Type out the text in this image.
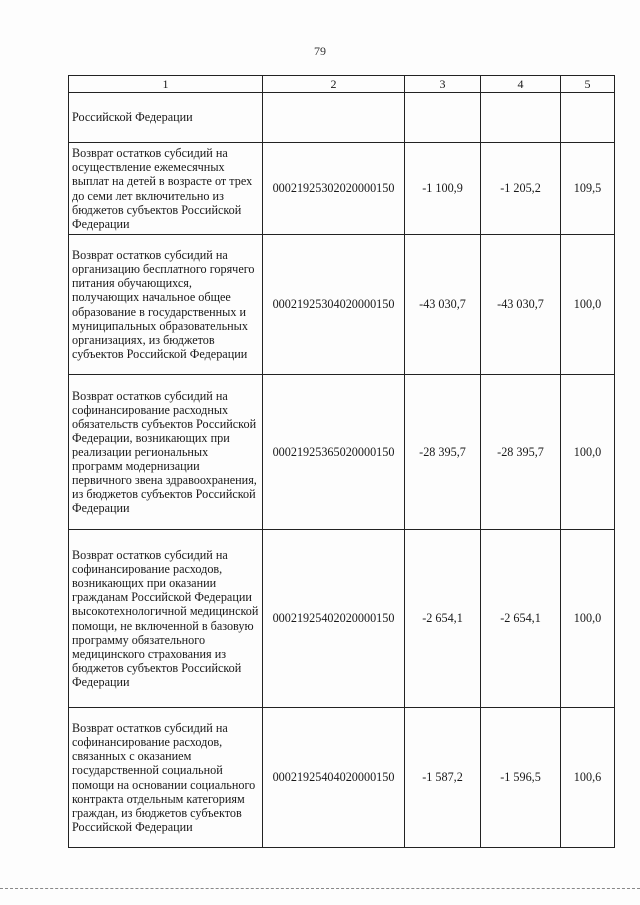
79
1	2	3	4	5
Российской Федерации				
Возврат остатков субсидий на осуществление ежемесячных выплат на детей в возрасте от трех до семи лет включительно из бюджетов субъектов Российской Федерации	00021925302020000150	-1 100,9	-1 205,2	109,5
Возврат остатков субсидий на организацию бесплатного горячего питания обучающихся, получающих начальное общее образование в государственных и муниципальных образовательных организациях, из бюджетов субъектов Российской Федерации	00021925304020000150	-43 030,7	-43 030,7	100,0
Возврат остатков субсидий на софинансирование расходных обязательств субъектов Российской Федерации, возникающих при реализации региональных программ модернизации первичного звена здравоохранения, из бюджетов субъектов Российской Федерации	00021925365020000150	-28 395,7	-28 395,7	100,0
Возврат остатков субсидий на софинансирование расходов, возникающих при оказании гражданам Российской Федерации высокотехнологичной медицинской помощи, не включенной в базовую программу обязательного медицинского страхования из бюджетов субъектов Российской Федерации	00021925402020000150	-2 654,1	-2 654,1	100,0
Возврат остатков субсидий на софинансирование расходов, связанных с оказанием государственной социальной помощи на основании социального контракта отдельным категориям граждан, из бюджетов субъектов Российской Федерации	00021925404020000150	-1 587,2	-1 596,5	100,6
